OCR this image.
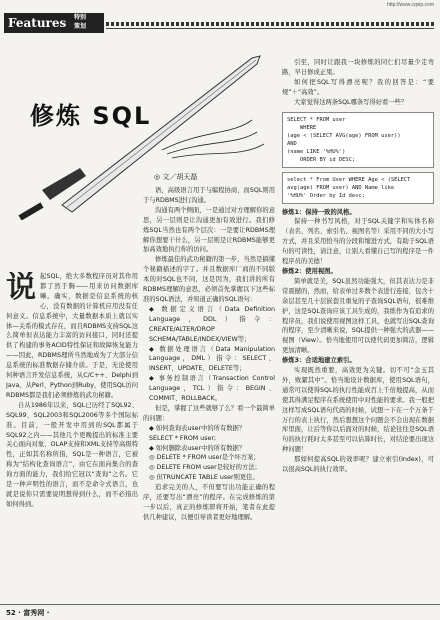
http://www.cqvip.com
Features	特别
策划
修炼 SQL
◎ 文／胡天磊
说 起SQL，绝大多数程序员对其作用都了然于胸——用来访问数据库嘛。确实，数据是信息系统的核心，没有数据的计算机应用没有任何意义。信息系统中，大量数据本质上就以实体—关系的模式存在，而且RDBMS支持SQL这么简单但表达能力丰富的访问接口，同时还提供了构建的事务ACID特性保证和故障恢复能力——因此，RDBMS理所当然地成为了大部分信息系统的标准数据存储介质。于是，无论使用何种语言开发信息系统，从C/C++、Delphi到Java，从Perl、Python到Ruby，使用SQL访问RDBMS都是我们必须修炼的武功秘籍。

自从1986年以来，SQL已历经了SQL92、SQL99、SQL2003和SQL2006等多个国际标准。目前，一般开发中用到的SQL都属于SQL92之内——其他几个更晚提出的标准主要关心面向对象、OLAP支持和XML支持等高级特性，正如其名称所指，SQL是一种语言，它被称为“结构化查询语言”，由它在面向集合的查询方面的能力，我们给它冠以“查询”之名。它是一种声明性的语言，而不是命令式语言，也就是说你只需要说明想得到什么，而不必指出如何得到。

语，高级语言用于与编程协商，而SQL则用于与RDBMS进行沟通。

沟通有两个侧面，一是通过对方理解你的意思，另一层则是让沟通更加有效进行。我们修炼SQL当然也有两个层次：一是要让RDBMS理解你想要干什么，另一层则是让RDBMS能够更加高效地执行你的访问。

修炼最佳的武功秘籍的第一步，当然是搞懂个秘籍描述的字了。并且数据库厂商的不同版本的对SQL也不同，这是因为，我们讲的所有RDBMS理解的意思，必须首先掌握以下这些标准的SQL语法，并知道正确的SQL语句：

◆ 数据定义语言（Data Definition Language，DDL）指令：CREATE/ALTER/DROP SCHEMA/TABLE/INDEX/VIEW等；

◆ 数据处理语言（Data Manipulation Language，DML）指令：SELECT、INSERT、UPDATE、DELETE等；

◆ 事务控制语言（Transaction Control Language，TCL）指令：BEGIN、COMMIT、ROLLBACK。

但是，掌握了这些就够了么？看一个最简单的问题：

◆ 如何查询表user中的所有数据？

SELECT * FROM user;

◆ 如何删除表user中的所有数据？

◎ DELETE * FROM user是个坏方案；

◎ DELETE FROM user是较好的方法；

◎ 但TRUNCATE TABLE user则更佳。

追求完美的人，不但要写出功能正确的程序，还要写出“漂亮”的程序。在完成修炼的第一步以后，真正的修炼即将开始，笔者在此提供几种建议，以便引导读者更好地理解。

引至，同时让跟我一块修炼的同仁们尽量少走弯路，早日修成正果。

如何把SQL写得漂亮呢？我的回答是：“要规”＋“高效”。

大家觉得这两条SQL哪条写得好看一些？

SELECT * FROM user
WHERE
(age < (SELECT AVG(age) FROM user))
AND
(name LIKE '%HU%')
ORDER BY id DESC;
select * From User WHERE Age < (SELECT
avg(age) FROM user) AND Name like
'%HU%' Order by Id desc;

修炼1：保持一致的风格。

保持一种书写风格，对于SQL关键字和实体名称（表名、列名、索引名、视图名等）采用不同的大小写方式，并且采用恰当的分段和缩进方式，有助于SQL语句的可读性，请注意，让别人看懂自己写的程序是一件程序员的美德！

修炼2：使用视图。

简单就是美，SQL虽然功能强大，但其表达力是非常震撼的，然而，给表单过多数个表进行连接，包含十余层甚至几十层嵌套且重复的子查询SQL语句，很难维护，这是SQL查询应该工具生成的，我练作为有追求的程序员，我们说使用视图这样工具，也就写出SQL查询的程序，至少清晰来说，SQL提供一种强大的武器——视图（View）。恰当地使用可以使代码更加简洁，逻辑更加清晰。

修炼3：合适地建立索引。

实现既然重要，高效更为关键。切不可“金玉其外，败絮其中”。恰当地设计数据库，使用SQL语句，通常可以使得SQL的执行性能成百上千倍地提高，从而使其得满足程序在系统使用中对性能的要求。我一般把这样写成SQL语句代码的时候，试想一下在一个万条千万行的表上执行，然后想想这个问题会不会出现在数据库里面，让后等你以后面对的时候，结论往往是SQL语句的执行耗时太多甚至可以估算时长，对结论要出现这种问题！

那如何提高SQL的效率呢？建立索引(Index)，可以很高SQL的执行效率。

52 · 富秀网 ·
